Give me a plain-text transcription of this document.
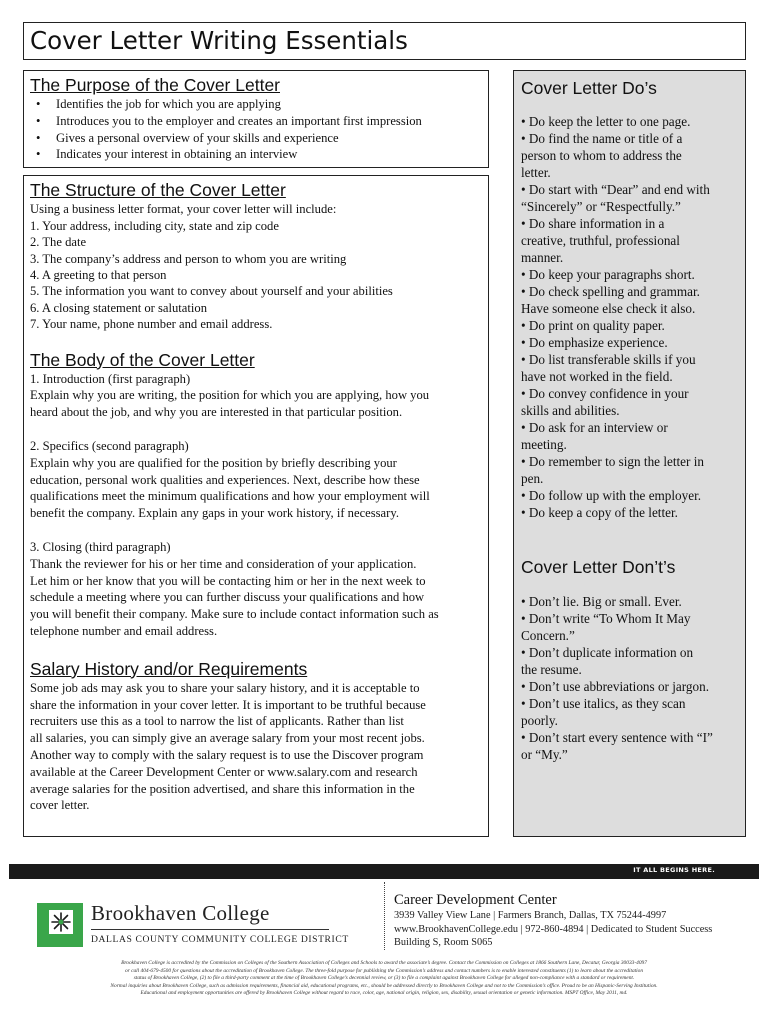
Cover Letter Writing Essentials
The Purpose of the Cover Letter
• Identifies the job for which you are applying
• Introduces you to the employer and creates an important first impression
• Gives a personal overview of your skills and experience
• Indicates your interest in obtaining an interview
The Structure of the Cover Letter
Using a business letter format, your cover letter will include:
1. Your address, including city, state and zip code
2. The date
3. The company’s address and person to whom you are writing
4. A greeting to that person
5. The information you want to convey about yourself and your abilities
6. A closing statement or salutation
7. Your name, phone number and email address.
The Body of the Cover Letter
1. Introduction (first paragraph)
Explain why you are writing, the position for which you are applying, how you
heard about the job, and why you are interested in that particular position.
2. Specifics (second paragraph)
Explain why you are qualified for the position by briefly describing your
education, personal work qualities and experiences. Next, describe how these
qualifications meet the minimum qualifications and how your employment will
benefit the company. Explain any gaps in your work history, if necessary.
3. Closing (third paragraph)
Thank the reviewer for his or her time and consideration of your application.
Let him or her know that you will be contacting him or her in the next week to
schedule a meeting where you can further discuss your qualifications and how
you will benefit their company. Make sure to include contact information such as
telephone number and email address.
Salary History and/or Requirements
Some job ads may ask you to share your salary history, and it is acceptable to
share the information in your cover letter. It is important to be truthful because
recruiters use this as a tool to narrow the list of applicants. Rather than list
all salaries, you can simply give an average salary from your most recent jobs.
Another way to comply with the salary request is to use the Discover program
available at the Career Development Center or www.salary.com and research
average salaries for the position advertised, and share this information in the
cover letter.
Cover Letter Do’s
• Do keep the letter to one page.
• Do find the name or title of a
person to whom to address the
letter.
• Do start with “Dear” and end with
“Sincerely” or “Respectfully.”
• Do share information in a
creative, truthful, professional
manner.
• Do keep your paragraphs short.
• Do check spelling and grammar.
Have someone else check it also.
• Do print on quality paper.
• Do emphasize experience.
• Do list transferable skills if you
have not worked in the field.
• Do convey confidence in your
skills and abilities.
• Do ask for an interview or
meeting.
• Do remember to sign the letter in
pen.
• Do follow up with the employer.
• Do keep a copy of the letter.
Cover Letter Don’t’s
• Don’t lie. Big or small. Ever.
• Don’t write “To Whom It May
Concern.”
• Don’t duplicate information on
the resume.
• Don’t use abbreviations or jargon.
• Don’t use italics, as they scan
poorly.
• Don’t start every sentence with “I”
or “My.”
IT ALL BEGINS HERE.
Brookhaven College
DALLAS COUNTY COMMUNITY COLLEGE DISTRICT
Career Development Center
3939 Valley View Lane | Farmers Branch, Dallas, TX 75244-4997
www.BrookhavenCollege.edu | 972-860-4894 | Dedicated to Student Success
Building S, Room S065
Brookhaven College is accredited by the Commission on Colleges of the Southern Association of Colleges and Schools to award the associate’s degree. Contact the Commission on Colleges at 1866 Southern Lane, Decatur, Georgia 30033-4097
or call 404-679-4500 for questions about the accreditation of Brookhaven College. The three-fold purpose for publishing the Commission’s address and contact numbers is to enable interested constituents (1) to learn about the accreditation
status of Brookhaven College, (2) to file a third-party comment at the time of Brookhaven College’s decennial review, or (3) to file a complaint against Brookhaven College for alleged non-compliance with a standard or requirement.
Normal inquiries about Brookhaven College, such as admission requirements, financial aid, educational programs, etc., should be addressed directly to Brookhaven College and not to the Commission’s office. Proud to be an Hispanic-Serving Institution.
Educational and employment opportunities are offered by Brookhaven College without regard to race, color, age, national origin, religion, sex, disability, sexual orientation or genetic information. MSPT Office, May 2011, md.
